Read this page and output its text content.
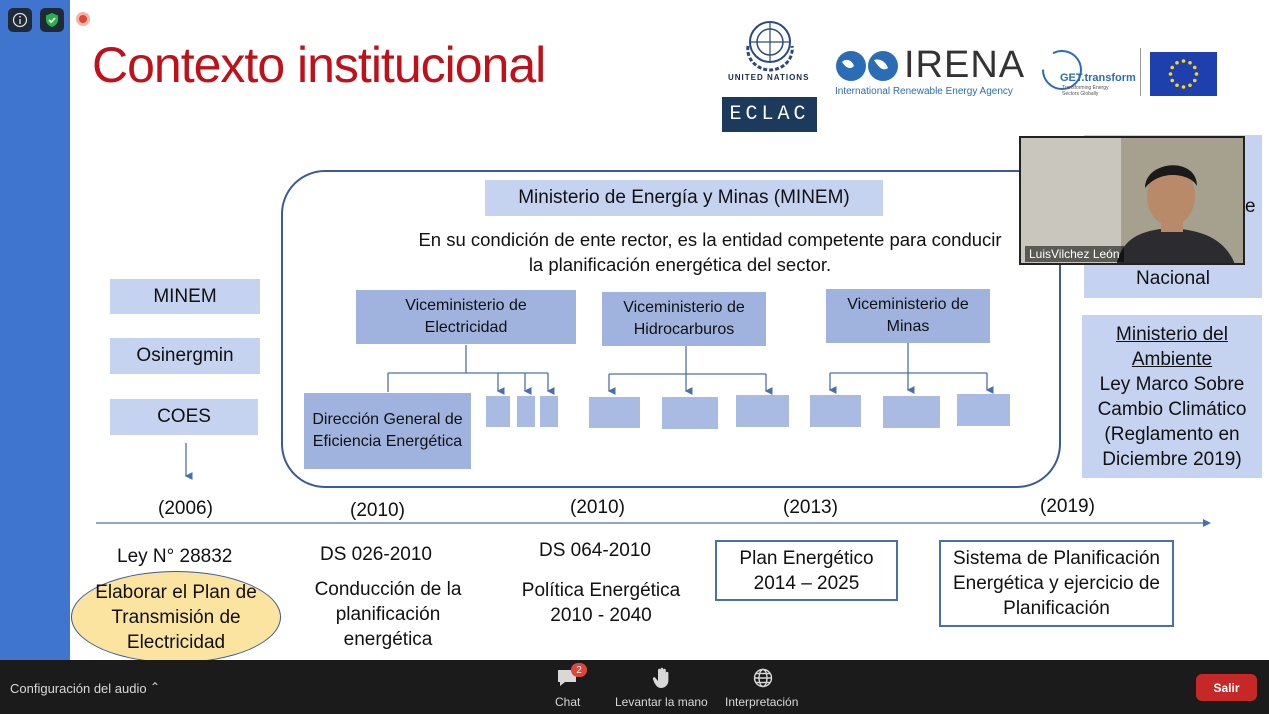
Contexto institucional	UNITED NATIONS
ECLAC
IRENA
International Renewable Energy Agency
GET.transform
Transforming Energy Sectors Globally
MINEM
Osinergmin
COES
Ministerio de Energía y Minas (MINEM)
En su condición de ente rector, es la entidad competente para conducir
la planificación energética del sector.
Viceministerio de Electricidad
Viceministerio de Hidrocarburos
Viceministerio de Minas
Dirección General de Eficiencia Energética
Nacional
Ministerio del Ambiente
Ley Marco Sobre Cambio Climático (Reglamento en Diciembre 2019)
LuisVilchez León
e
(2006)	(2010)	(2010)	(2013)	(2019)
Ley N° 28832
Elaborar el Plan de Transmisión de Electricidad
DS 026-2010
Conducción de la planificación energética
DS 064-2010
Política Energética 2010 - 2040
Plan Energético 2014 – 2025
Sistema de Planificación Energética y ejercicio de Planificación
Configuración del audio ⌃
2
Chat	Levantar la mano Interpretación
Salir
